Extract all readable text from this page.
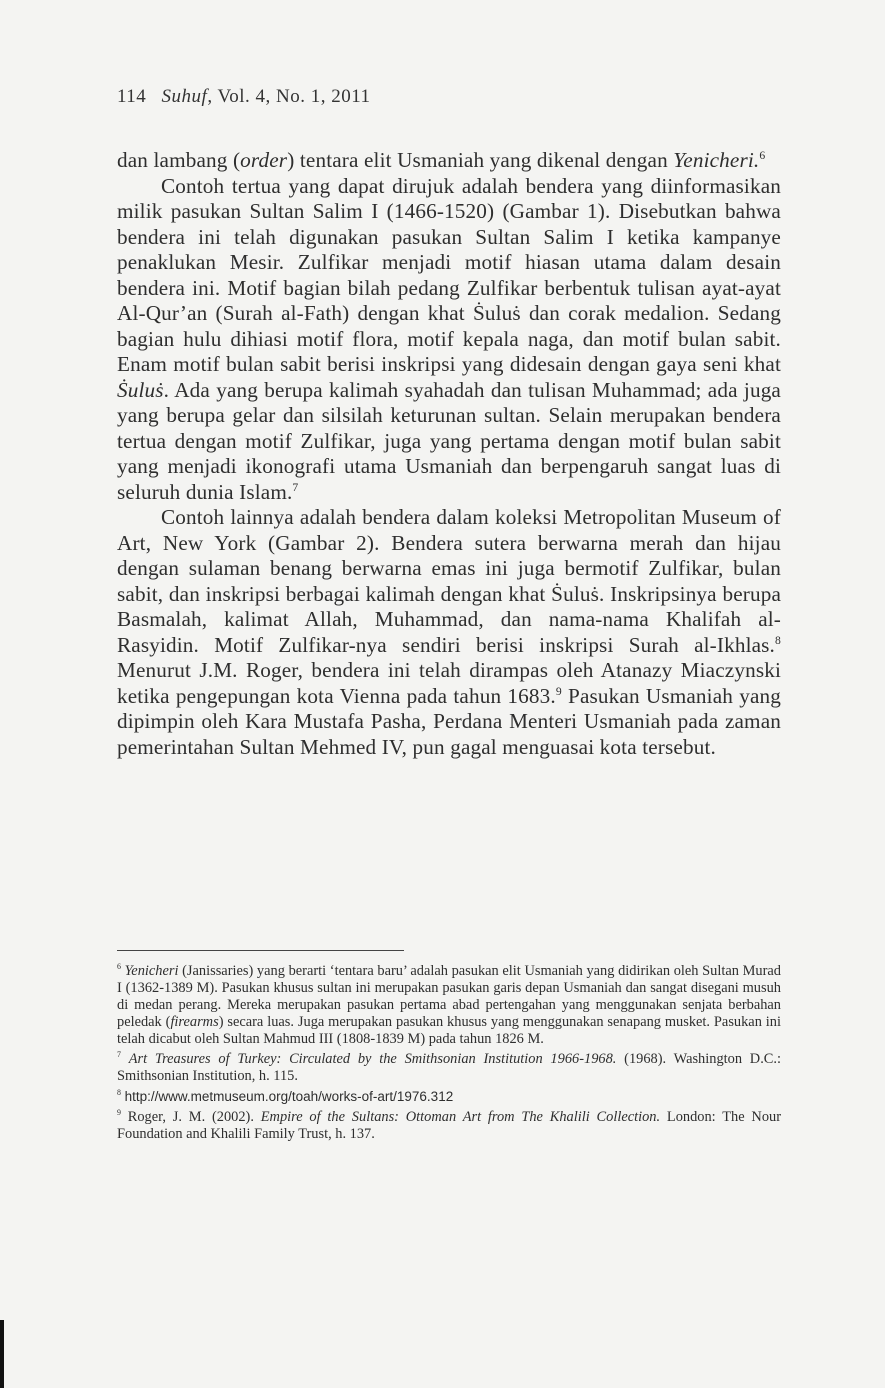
114 Suhuf, Vol. 4, No. 1, 2011

dan lambang (order) tentara elit Usmaniah yang dikenal dengan Yenicheri.$^6$

Contoh tertua yang dapat dirujuk adalah bendera yang diinformasikan milik pasukan Sultan Salim I (1466-1520) (Gambar 1). Disebutkan bahwa bendera ini telah digunakan pasukan Sultan Salim I ketika kampanye penaklukan Mesir. Zulfikar menjadi motif hiasan utama dalam desain bendera ini. Motif bagian bilah pedang Zulfikar berbentuk tulisan ayat-ayat Al-Qur’an (Surah al-Fath) dengan khat Ṡuluṡ dan corak medalion. Sedang bagian hulu dihiasi motif flora, motif kepala naga, dan motif bulan sabit. Enam motif bulan sabit berisi inskripsi yang didesain dengan gaya seni khat Ṡuluṡ. Ada yang berupa kalimah syahadah dan tulisan Muhammad; ada juga yang berupa gelar dan silsilah keturunan sultan. Selain merupakan bendera tertua dengan motif Zulfikar, juga yang pertama dengan motif bulan sabit yang menjadi ikonografi utama Usmaniah dan berpengaruh sangat luas di seluruh dunia Islam.$^7$

Contoh lainnya adalah bendera dalam koleksi Metropolitan Museum of Art, New York (Gambar 2). Bendera sutera berwarna merah dan hijau dengan sulaman benang berwarna emas ini juga bermotif Zulfikar, bulan sabit, dan inskripsi berbagai kalimah dengan khat Ṡuluṡ. Inskripsinya berupa Basmalah, kalimat Allah, Muhammad, dan nama-nama Khalifah al-Rasyidin. Motif Zulfikar-nya sendiri berisi inskripsi Surah al-Ikhlas.$^8$ Menurut J.M. Roger, bendera ini telah dirampas oleh Atanazy Miaczynski ketika pengepungan kota Vienna pada tahun 1683.$^9$ Pasukan Usmaniah yang dipimpin oleh Kara Mustafa Pasha, Perdana Menteri Usmaniah pada zaman pemerintahan Sultan Mehmed IV, pun gagal menguasai kota tersebut.

$^6$ Yenicheri (Janissaries) yang berarti ‘tentara baru’ adalah pasukan elit Usmaniah yang didirikan oleh Sultan Murad I (1362-1389 M). Pasukan khusus sultan ini merupakan pasukan garis depan Usmaniah dan sangat disegani musuh di medan perang. Mereka merupakan pasukan pertama abad pertengahan yang menggunakan senjata berbahan peledak (firearms) secara luas. Juga merupakan pasukan khusus yang menggunakan senapang musket. Pasukan ini telah dicabut oleh Sultan Mahmud III (1808-1839 M) pada tahun 1826 M.

$^7$ Art Treasures of Turkey: Circulated by the Smithsonian Institution 1966-1968. (1968). Washington D.C.: Smithsonian Institution, h. 115.

$^8$ http://www.metmuseum.org/toah/works-of-art/1976.312

$^9$ Roger, J. M. (2002). Empire of the Sultans: Ottoman Art from The Khalili Collection. London: The Nour Foundation and Khalili Family Trust, h. 137.
